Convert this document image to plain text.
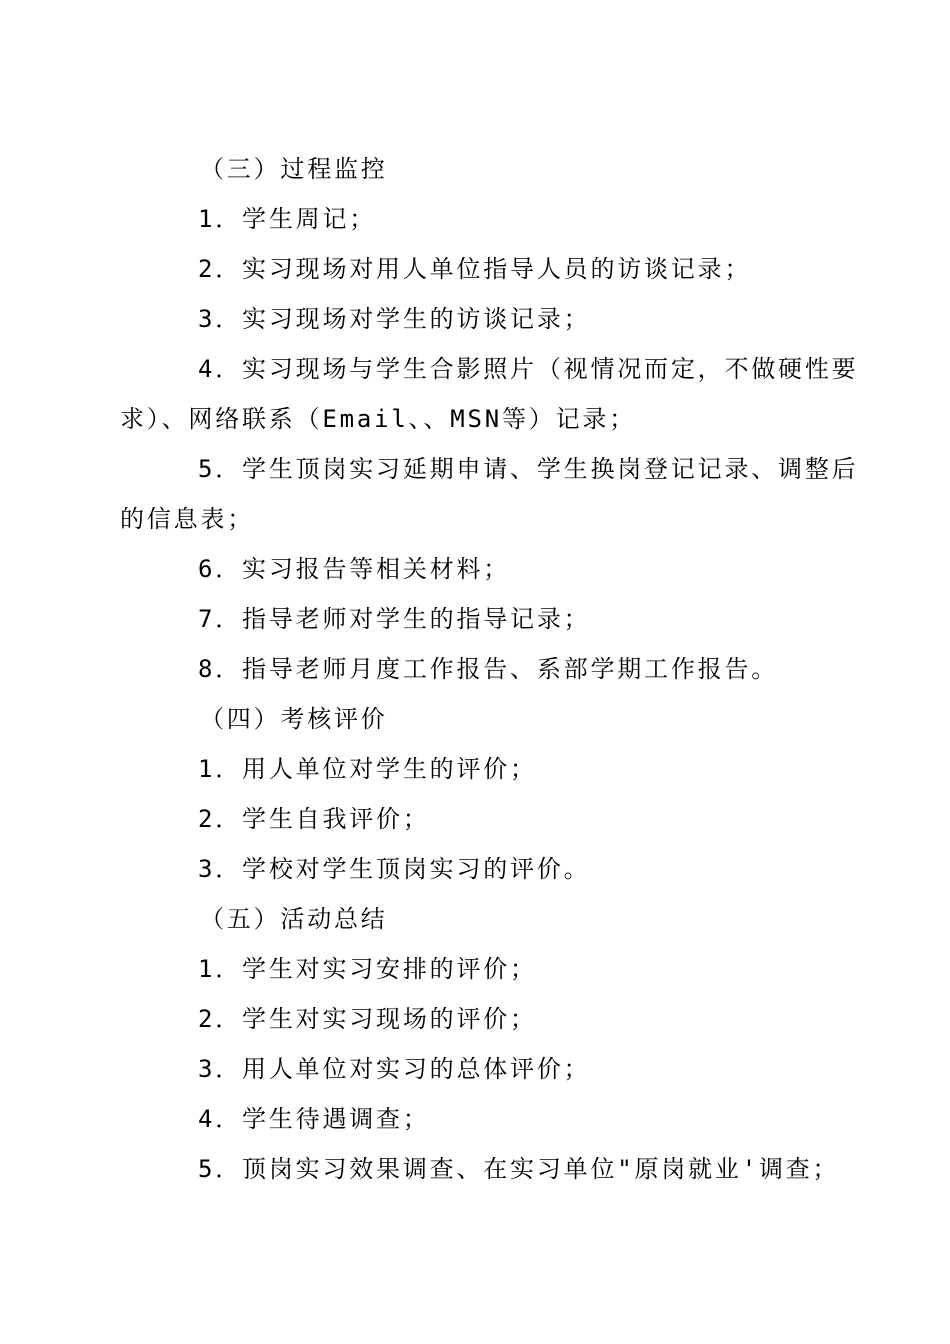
（三）过程监控
1．学生周记；
2．实习现场对用人单位指导人员的访谈记录；
3．实习现场对学生的访谈记录；
4．实习现场与学生合影照片（视情况而定，不做硬性要
求）、网络联系（Email、、MSN等）记录；
5．学生顶岗实习延期申请、学生换岗登记记录、调整后
的信息表；
6．实习报告等相关材料；
7．指导老师对学生的指导记录；
8．指导老师月度工作报告、系部学期工作报告。
（四）考核评价
1．用人单位对学生的评价；
2．学生自我评价；
3．学校对学生顶岗实习的评价。
（五）活动总结
1．学生对实习安排的评价；
2．学生对实习现场的评价；
3．用人单位对实习的总体评价；
4．学生待遇调查；
5．顶岗实习效果调查、在实习单位"原岗就业'调查；
